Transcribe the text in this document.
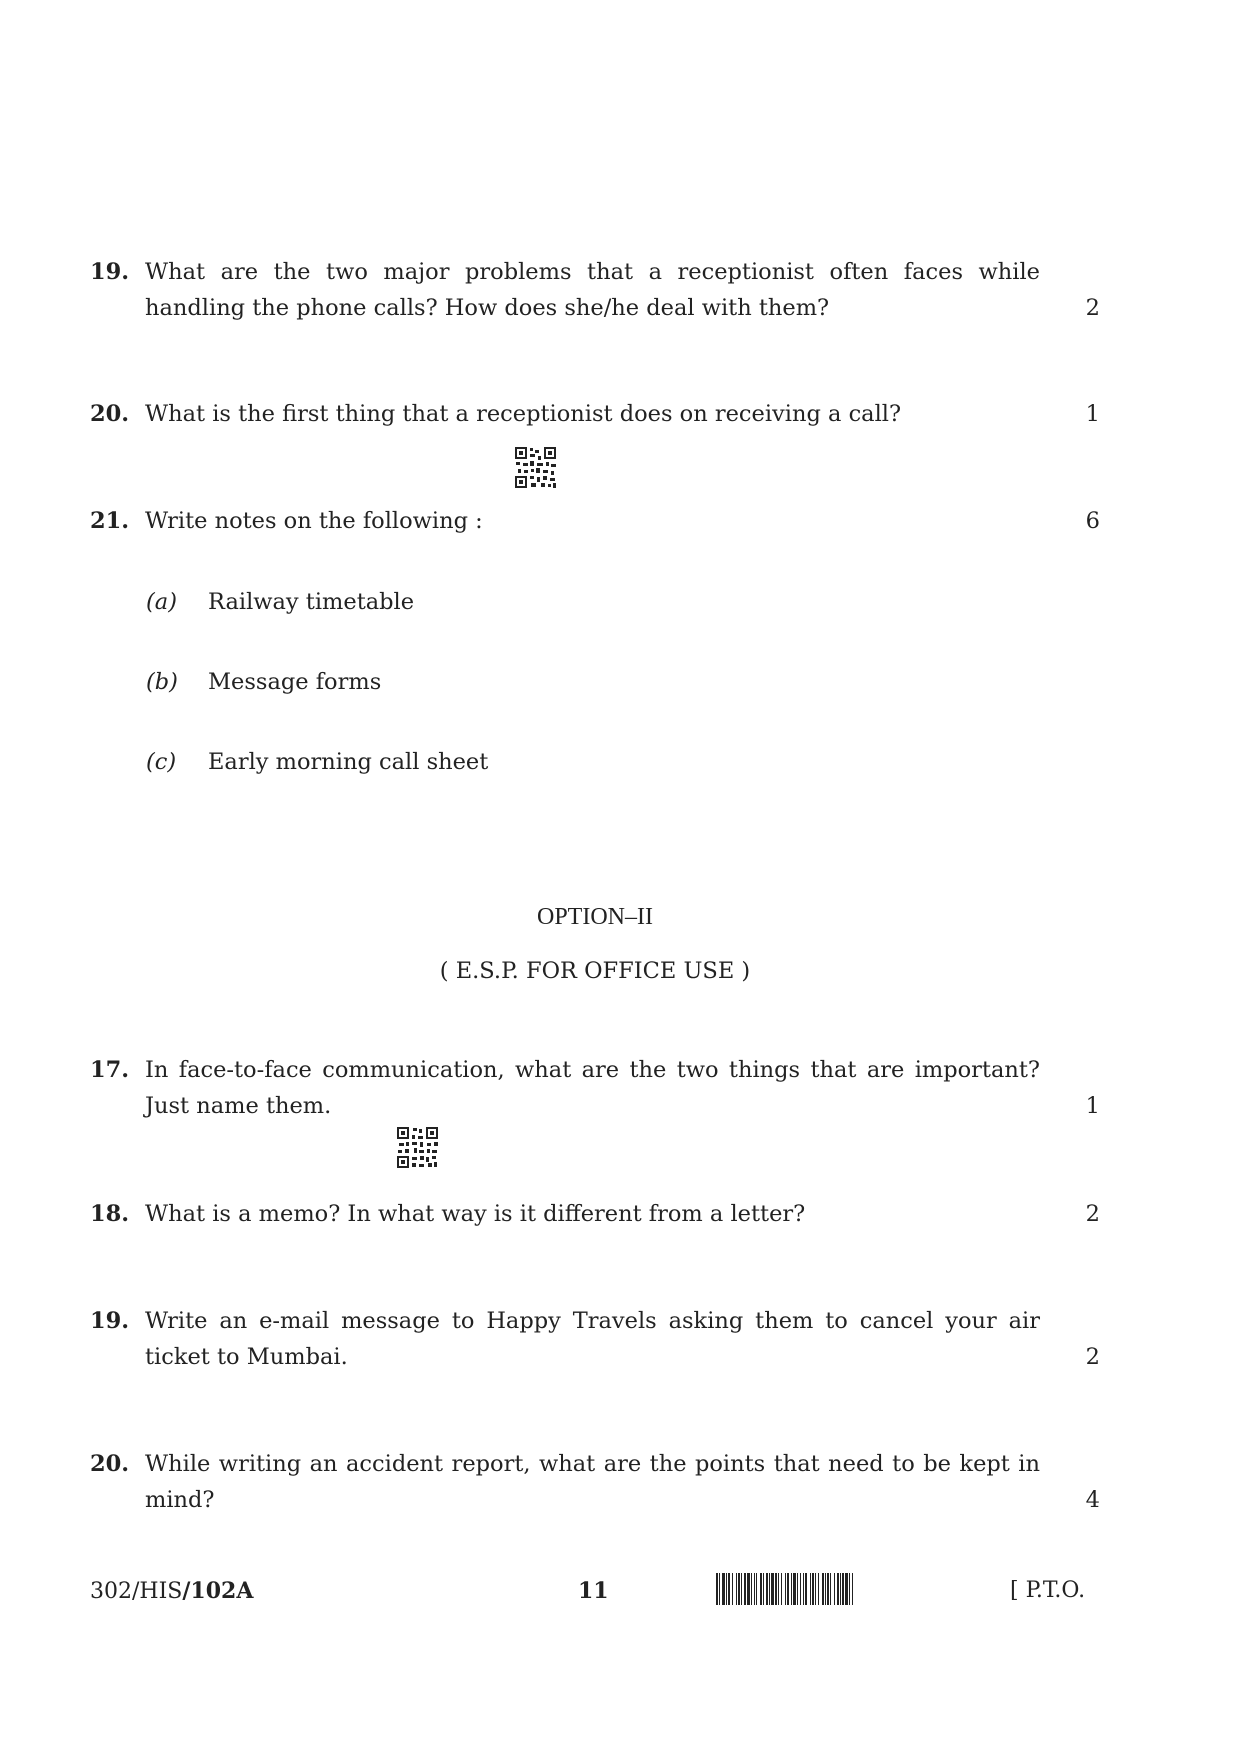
19. What are the two major problems that a receptionist often faces while handling the phone calls? How does she/he deal with them?	2
20. What is the first thing that a receptionist does on receiving a call?	1
21. Write notes on the following :	6
(a) Railway timetable
(b) Message forms
(c) Early morning call sheet
OPTION–II
( E.S.P. FOR OFFICE USE )
17. In face-to-face communication, what are the two things that are important? Just name them.	1
18. What is a memo? In what way is it different from a letter?	2
19. Write an e-mail message to Happy Travels asking them to cancel your air ticket to Mumbai.	2
20. While writing an accident report, what are the points that need to be kept in mind?	4
302/HIS/102A	11	[ P.T.O.
